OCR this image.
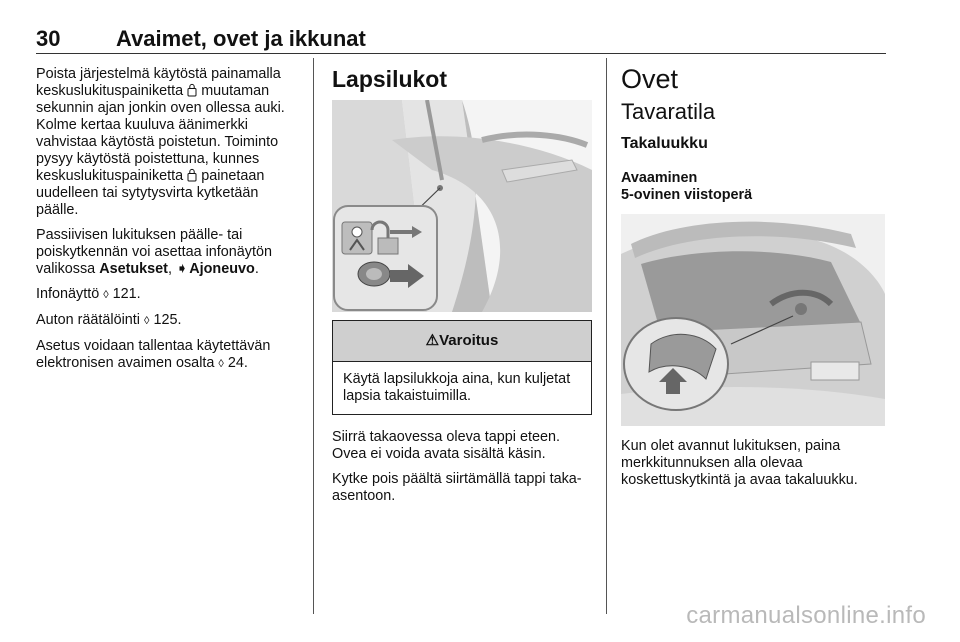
30	Avaimet, ovet ja ikkunat

Poista järjestelmä käytöstä painamalla keskuslukituspainiketta muutaman sekunnin ajan jonkin oven ollessa auki. Kolme kertaa kuuluva äänimerkki vahvistaa käytöstä poistetun. Toiminto pysyy käytöstä poistettuna, kunnes keskuslukituspainiketta painetaan uudelleen tai sytytysvirta kytketään päälle.

Passiivisen lukituksen päälle- tai poiskytkennän voi asettaa infonäytön valikossa Asetukset, ➧ Ajoneuvo.

Infonäyttö ◊ 121.

Auton räätälöinti ◊ 125.

Asetus voidaan tallentaa käytettävän elektronisen avaimen osalta ◊ 24.

Lapsilukot
⚠Varoitus
Käytä lapsilukkoja aina, kun kuljetat lapsia takaistuimilla.

Siirrä takaovessa oleva tappi eteen. Ovea ei voida avata sisältä käsin.

Kytke pois päältä siirtämällä tappi taka-asentoon.

Ovet
Tavaratila
Takaluukku
Avaaminen
5-ovinen viistoperä

Kun olet avannut lukituksen, paina merkkitunnuksen alla olevaa koskettuskytkintä ja avaa takaluukku.

carmanualsonline.info
